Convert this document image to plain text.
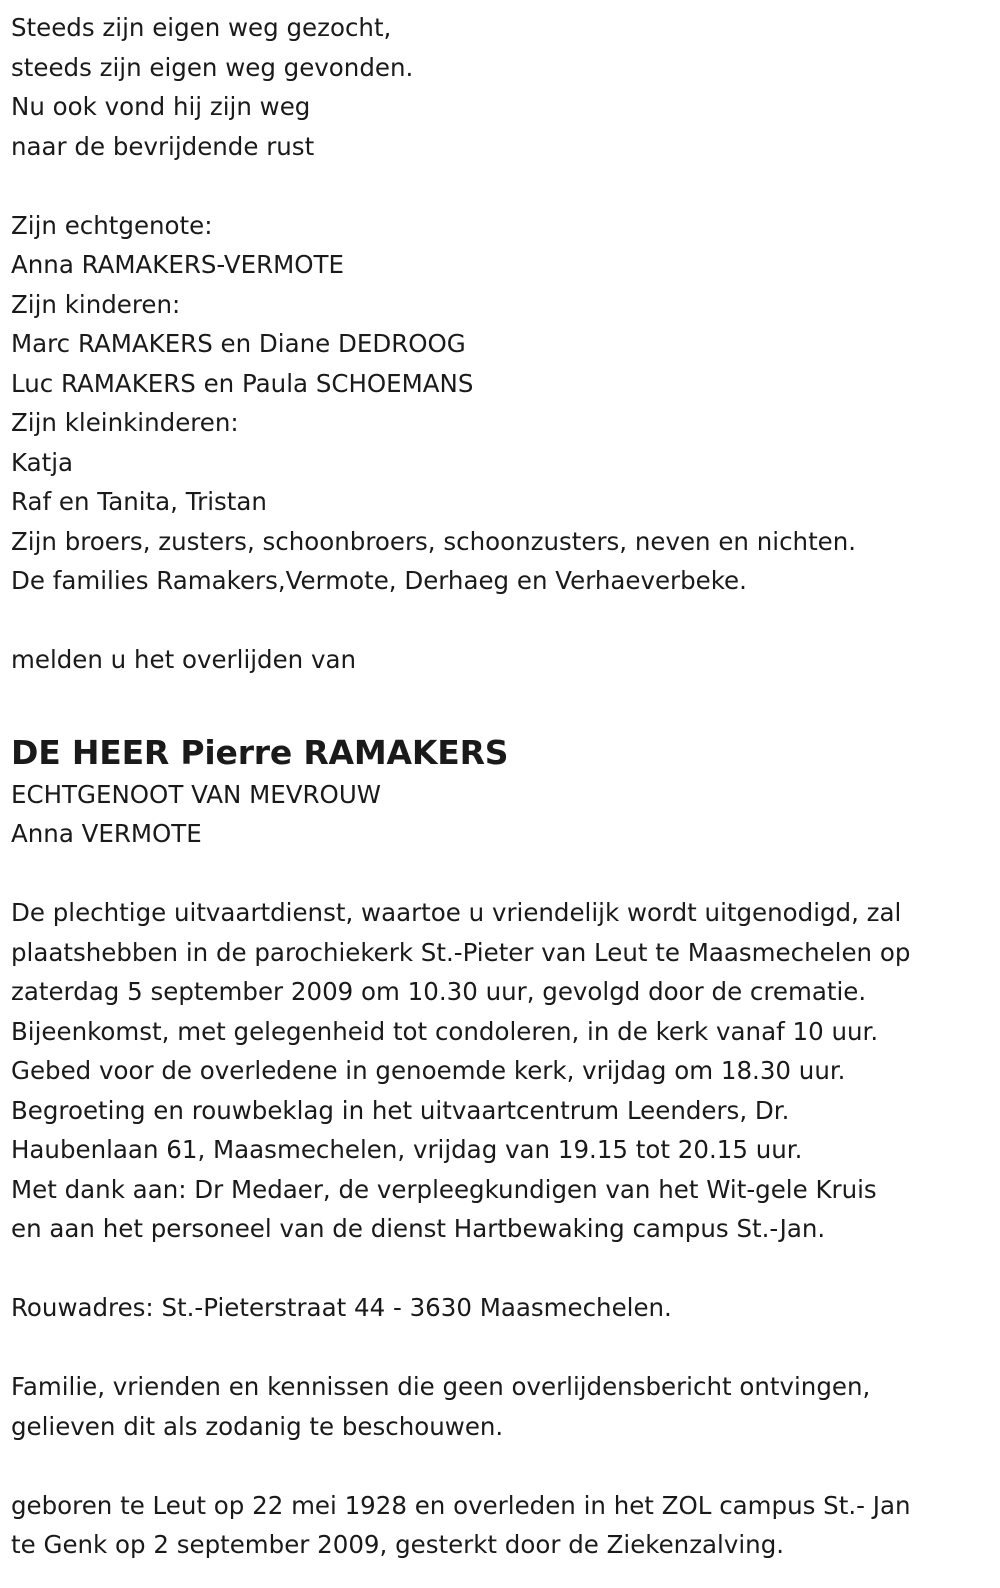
Steeds zijn eigen weg gezocht,
steeds zijn eigen weg gevonden.
Nu ook vond hij zijn weg
naar de bevrijdende rust
Zijn echtgenote:
Anna RAMAKERS-VERMOTE
Zijn kinderen:
Marc RAMAKERS en Diane DEDROOG
Luc RAMAKERS en Paula SCHOEMANS
Zijn kleinkinderen:
Katja
Raf en Tanita, Tristan
Zijn broers, zusters, schoonbroers, schoonzusters, neven en nichten.
De families Ramakers,Vermote, Derhaeg en Verhaeverbeke.
melden u het overlijden van
DE HEER Pierre RAMAKERS
ECHTGENOOT VAN MEVROUW
Anna VERMOTE
De plechtige uitvaartdienst, waartoe u vriendelijk wordt uitgenodigd, zal
plaatshebben in de parochiekerk St.-Pieter van Leut te Maasmechelen op
zaterdag 5 september 2009 om 10.30 uur, gevolgd door de crematie.
Bijeenkomst, met gelegenheid tot condoleren, in de kerk vanaf 10 uur.
Gebed voor de overledene in genoemde kerk, vrijdag om 18.30 uur.
Begroeting en rouwbeklag in het uitvaartcentrum Leenders, Dr.
Haubenlaan 61, Maasmechelen, vrijdag van 19.15 tot 20.15 uur.
Met dank aan: Dr Medaer, de verpleegkundigen van het Wit-gele Kruis
en aan het personeel van de dienst Hartbewaking campus St.-Jan.
Rouwadres: St.-Pieterstraat 44 - 3630 Maasmechelen.
Familie, vrienden en kennissen die geen overlijdensbericht ontvingen,
gelieven dit als zodanig te beschouwen.
geboren te Leut op 22 mei 1928 en overleden in het ZOL campus St.- Jan
te Genk op 2 september 2009, gesterkt door de Ziekenzalving.
